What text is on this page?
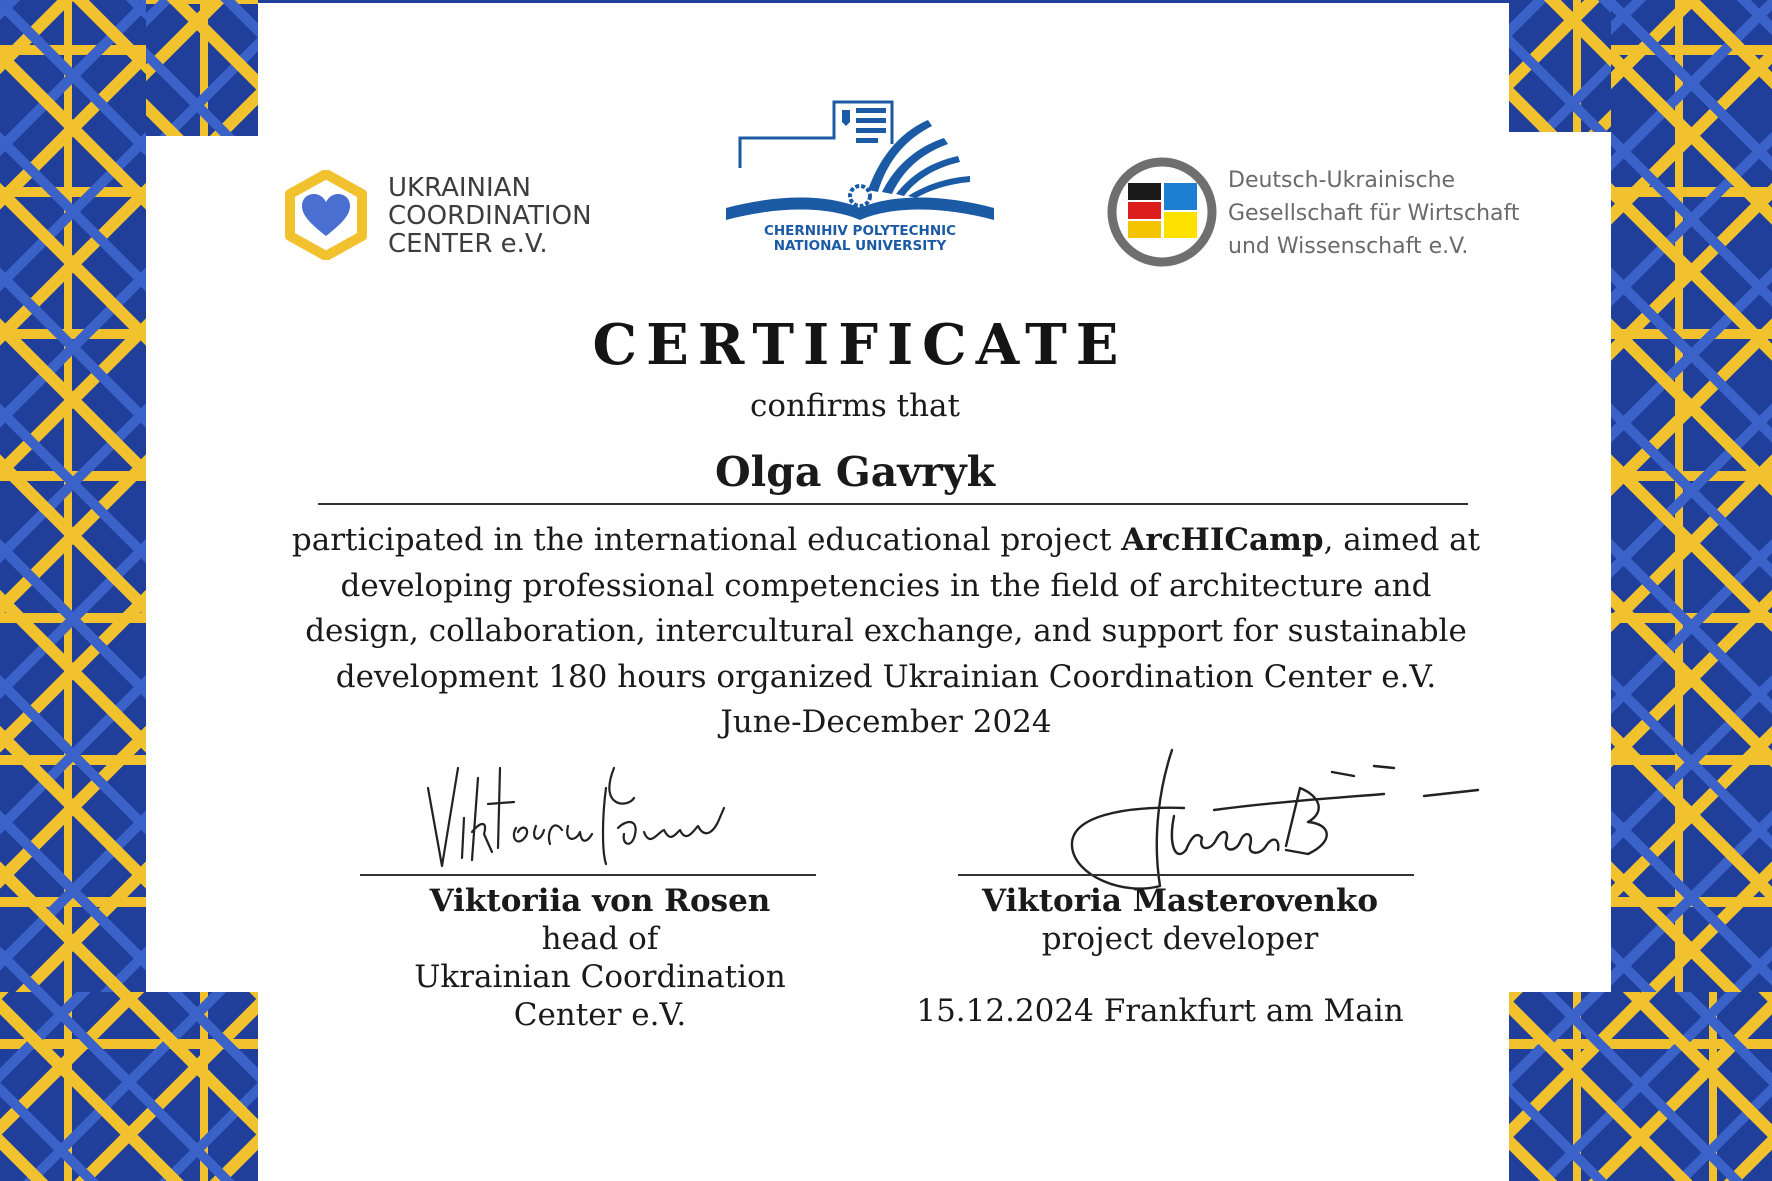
UKRAINIAN
COORDINATION
CENTER e.V.	CHERNIHIV POLYTECHNIC
NATIONAL UNIVERSITY
Deutsch-Ukrainische
Gesellschaft für Wirtschaft
und Wissenschaft e.V.
CERTIFICATE
confirms that
Olga Gavryk
participated in the international educational project ArcHICamp, aimed at
developing professional competencies in the field of architecture and
design, collaboration, intercultural exchange, and support for sustainable
development 180 hours organized Ukrainian Coordination Center e.V.
June-December 2024
Viktoriia von Rosen
head of
Ukrainian Coordination
Center e.V.
Viktoria Masterovenko
project developer
15.12.2024 Frankfurt am Main
